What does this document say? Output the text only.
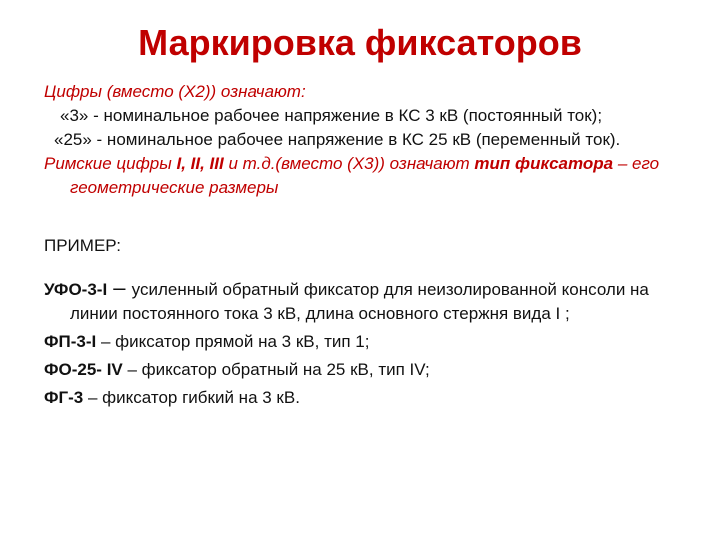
Маркировка фиксаторов
Цифры (вместо (Х2)) означают:
«3» - номинальное рабочее напряжение в КС 3 кВ (постоянный ток);
«25» - номинальное рабочее напряжение в КС 25 кВ (переменный ток).
Римские цифры I, II, III и т.д.(вместо (Х3)) означают тип фиксатора – его геометрические размеры
ПРИМЕР:
УФО-3-I – усиленный обратный фиксатор для неизолированной консоли на линии постоянного тока 3 кВ, длина основного стержня вида I ;
ФП-3-I – фиксатор прямой на 3 кВ, тип 1;
ФО-25- IV – фиксатор обратный на 25 кВ, тип IV;
ФГ-3 – фиксатор гибкий на 3 кВ.
